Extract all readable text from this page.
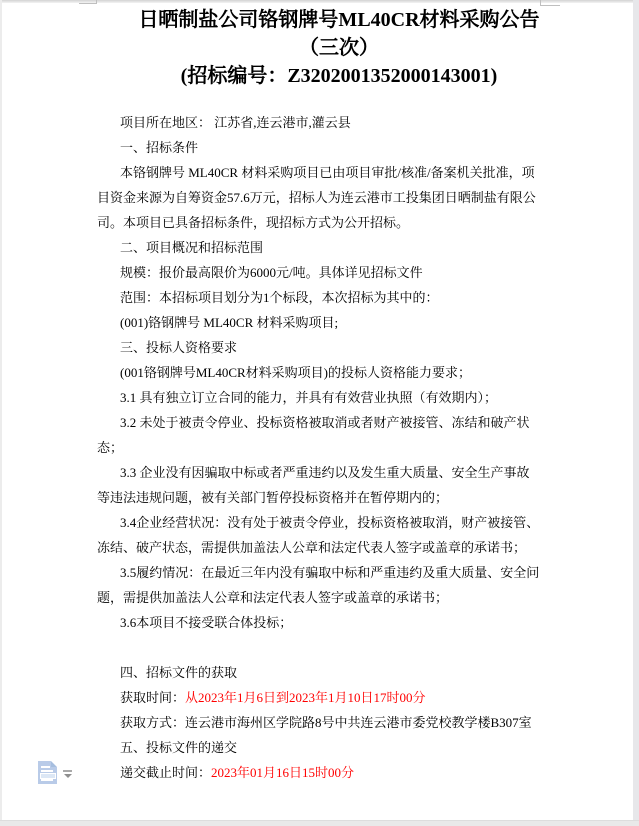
日晒制盐公司铬钢牌号ML40CR材料采购公告
（三次）
(招标编号：Z3202001352000143001)
项目所在地区： 江苏省,连云港市,灌云县
一、招标条件
本铬钢牌号 ML40CR 材料采购项目已由项目审批/核准/备案机关批准，项
目资金来源为自筹资金57.6万元，招标人为连云港市工投集团日晒制盐有限公
司。本项目已具备招标条件，现招标方式为公开招标。
二、项目概况和招标范围
规模：报价最高限价为6000元/吨。具体详见招标文件
范围：本招标项目划分为1个标段，本次招标为其中的：
(001)铬钢牌号 ML40CR 材料采购项目;
三、投标人资格要求
(001铬钢牌号ML40CR材料采购项目)的投标人资格能力要求；
3.1 具有独立订立合同的能力，并具有有效营业执照（有效期内）；
3.2 未处于被责令停业、投标资格被取消或者财产被接管、冻结和破产状
态；
3.3 企业没有因骗取中标或者严重违约以及发生重大质量、安全生产事故
等违法违规问题，被有关部门暂停投标资格并在暂停期内的；
3.4企业经营状况：没有处于被责令停业，投标资格被取消，财产被接管、
冻结、破产状态，需提供加盖法人公章和法定代表人签字或盖章的承诺书；
3.5履约情况：在最近三年内没有骗取中标和严重违约及重大质量、安全问
题，需提供加盖法人公章和法定代表人签字或盖章的承诺书；
3.6本项目不接受联合体投标；
四、招标文件的获取
获取时间：从2023年1月6日到2023年1月10日17时00分
获取方式：连云港市海州区学院路8号中共连云港市委党校教学楼B307室
五、投标文件的递交
递交截止时间：2023年01月16日15时00分
